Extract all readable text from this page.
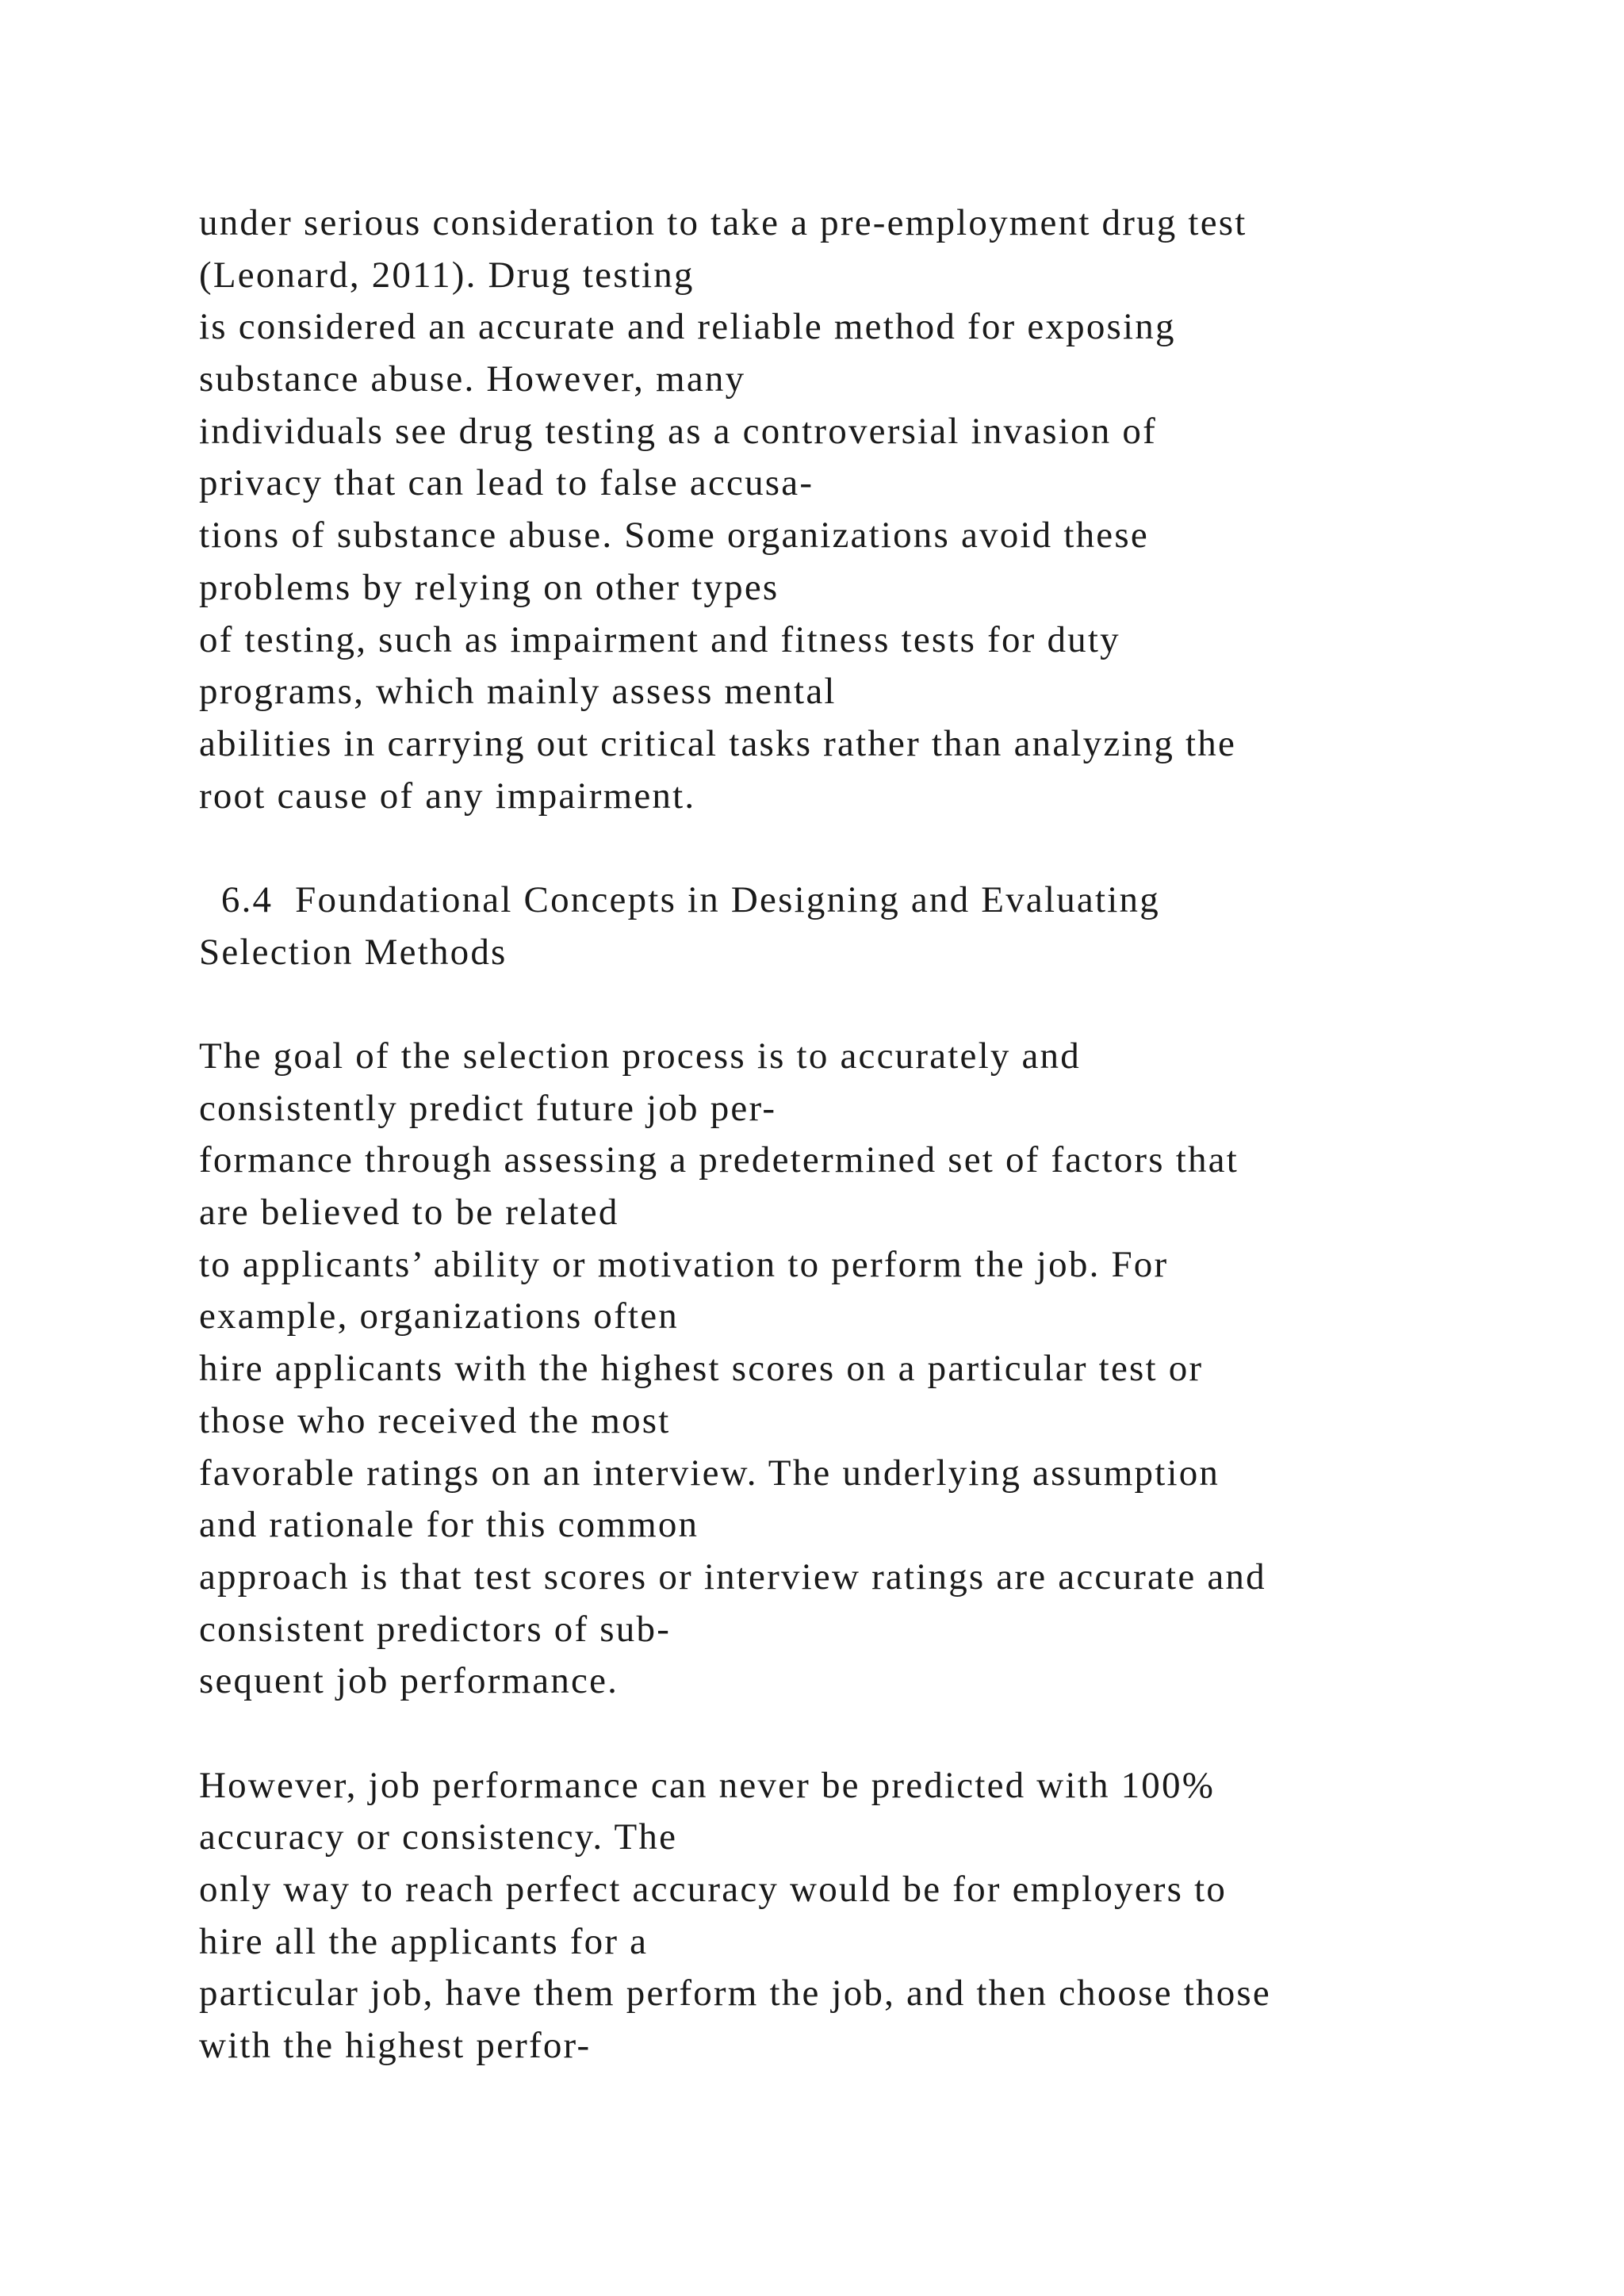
under serious consideration to take a pre-employment drug test
(Leonard, 2011). Drug testing
is considered an accurate and reliable method for exposing
substance abuse. However, many
individuals see drug testing as a controversial invasion of
privacy that can lead to false accusa-
tions of substance abuse. Some organizations avoid these
problems by relying on other types
of testing, such as impairment and fitness tests for duty
programs, which mainly assess mental
abilities in carrying out critical tasks rather than analyzing the
root cause of any impairment.
6.4  Foundational Concepts in Designing and Evaluating
Selection Methods
The goal of the selection process is to accurately and
consistently predict future job per-
formance through assessing a predetermined set of factors that
are believed to be related
to applicants’ ability or motivation to perform the job. For
example, organizations often
hire applicants with the highest scores on a particular test or
those who received the most
favorable ratings on an interview. The underlying assumption
and rationale for this common
approach is that test scores or interview ratings are accurate and
consistent predictors of sub-
sequent job performance.
However, job performance can never be predicted with 100%
accuracy or consistency. The
only way to reach perfect accuracy would be for employers to
hire all the applicants for a
particular job, have them perform the job, and then choose those
with the highest perfor-
